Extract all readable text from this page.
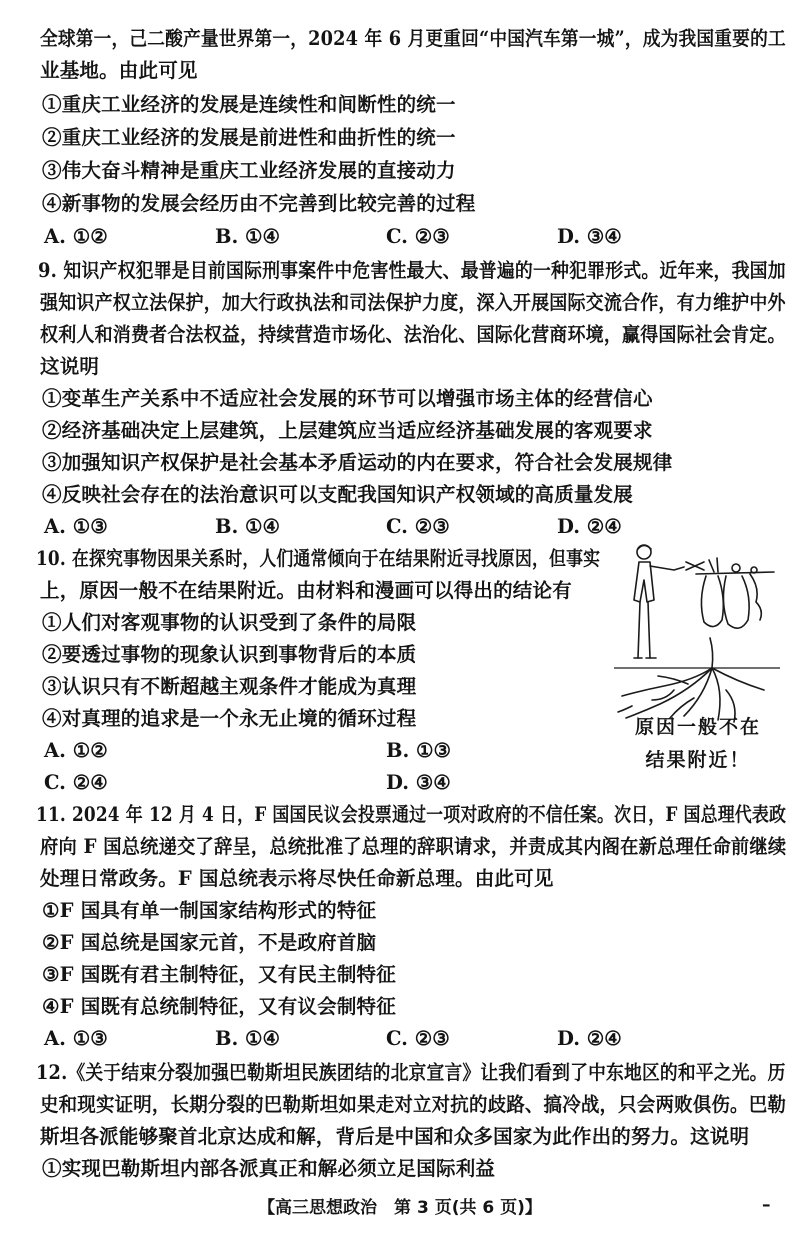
全球第一，己二酸产量世界第一，2024 年 6 月更重回“中国汽车第一城”，成为我国重要的工
业基地。由此可见
①重庆工业经济的发展是连续性和间断性的统一
②重庆工业经济的发展是前进性和曲折性的统一
③伟大奋斗精神是重庆工业经济发展的直接动力
④新事物的发展会经历由不完善到比较完善的过程
A. ①②	B. ①④	C. ②③	D. ③④
9. 知识产权犯罪是目前国际刑事案件中危害性最大、最普遍的一种犯罪形式。近年来，我国加
强知识产权立法保护，加大行政执法和司法保护力度，深入开展国际交流合作，有力维护中外
权利人和消费者合法权益，持续营造市场化、法治化、国际化营商环境，赢得国际社会肯定。
这说明
①变革生产关系中不适应社会发展的环节可以增强市场主体的经营信心
②经济基础决定上层建筑，上层建筑应当适应经济基础发展的客观要求
③加强知识产权保护是社会基本矛盾运动的内在要求，符合社会发展规律
④反映社会存在的法治意识可以支配我国知识产权领域的高质量发展
A. ①③	B. ①④	C. ②③	D. ②④
10. 在探究事物因果关系时，人们通常倾向于在结果附近寻找原因，但事实
上，原因一般不在结果附近。由材料和漫画可以得出的结论有
①人们对客观事物的认识受到了条件的局限
②要透过事物的现象认识到事物背后的本质
③认识只有不断超越主观条件才能成为真理
④对真理的追求是一个永无止境的循环过程
A. ①②	B. ①③
C. ②④	D. ③④
原因一般不在
结果附近！
11. 2024 年 12 月 4 日，F 国国民议会投票通过一项对政府的不信任案。次日，F 国总理代表政
府向 F 国总统递交了辞呈，总统批准了总理的辞职请求，并责成其内阁在新总理任命前继续
处理日常政务。F 国总统表示将尽快任命新总理。由此可见
①F 国具有单一制国家结构形式的特征
②F 国总统是国家元首，不是政府首脑
③F 国既有君主制特征，又有民主制特征
④F 国既有总统制特征，又有议会制特征
A. ①③	B. ①④	C. ②③	D. ②④
12.《关于结束分裂加强巴勒斯坦民族团结的北京宣言》让我们看到了中东地区的和平之光。历
史和现实证明，长期分裂的巴勒斯坦如果走对立对抗的歧路、搞冷战，只会两败俱伤。巴勒
斯坦各派能够聚首北京达成和解，背后是中国和众多国家为此作出的努力。这说明
①实现巴勒斯坦内部各派真正和解必须立足国际利益
【高三思想政治　第 3 页(共 6 页)】	–
